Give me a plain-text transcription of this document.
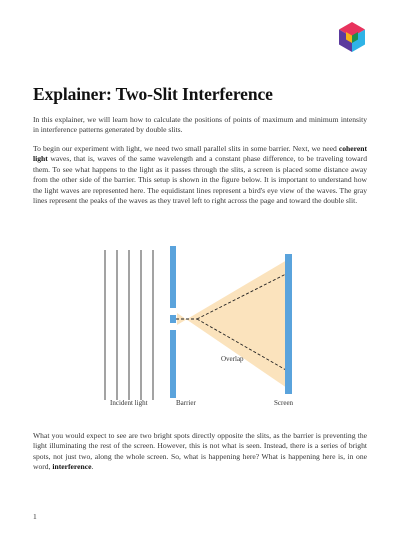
Explainer: Two-Slit Interference

In this explainer, we will learn how to calculate the positions of points of maximum and minimum intensity in interference patterns generated by double slits.

To begin our experiment with light, we need two small parallel slits in some barrier. Next, we need coherent light waves, that is, waves of the same wavelength and a constant phase difference, to be traveling toward them. To see what happens to the light as it passes through the slits, a screen is placed some distance away from the other side of the barrier. This setup is shown in the figure below. It is important to understand how the light waves are represented here. The equidistant lines represent a bird's eye view of the waves. The gray lines represent the peaks of the waves as they travel left to right across the page and toward the double slit.

Overlap
Incident light	Barrier	Screen

What you would expect to see are two bright spots directly opposite the slits, as the barrier is preventing the light illuminating the rest of the screen. However, this is not what is seen. Instead, there is a series of bright spots, not just two, along the whole screen. So, what is happening here? What is happening here is, in one word, interference.

1
